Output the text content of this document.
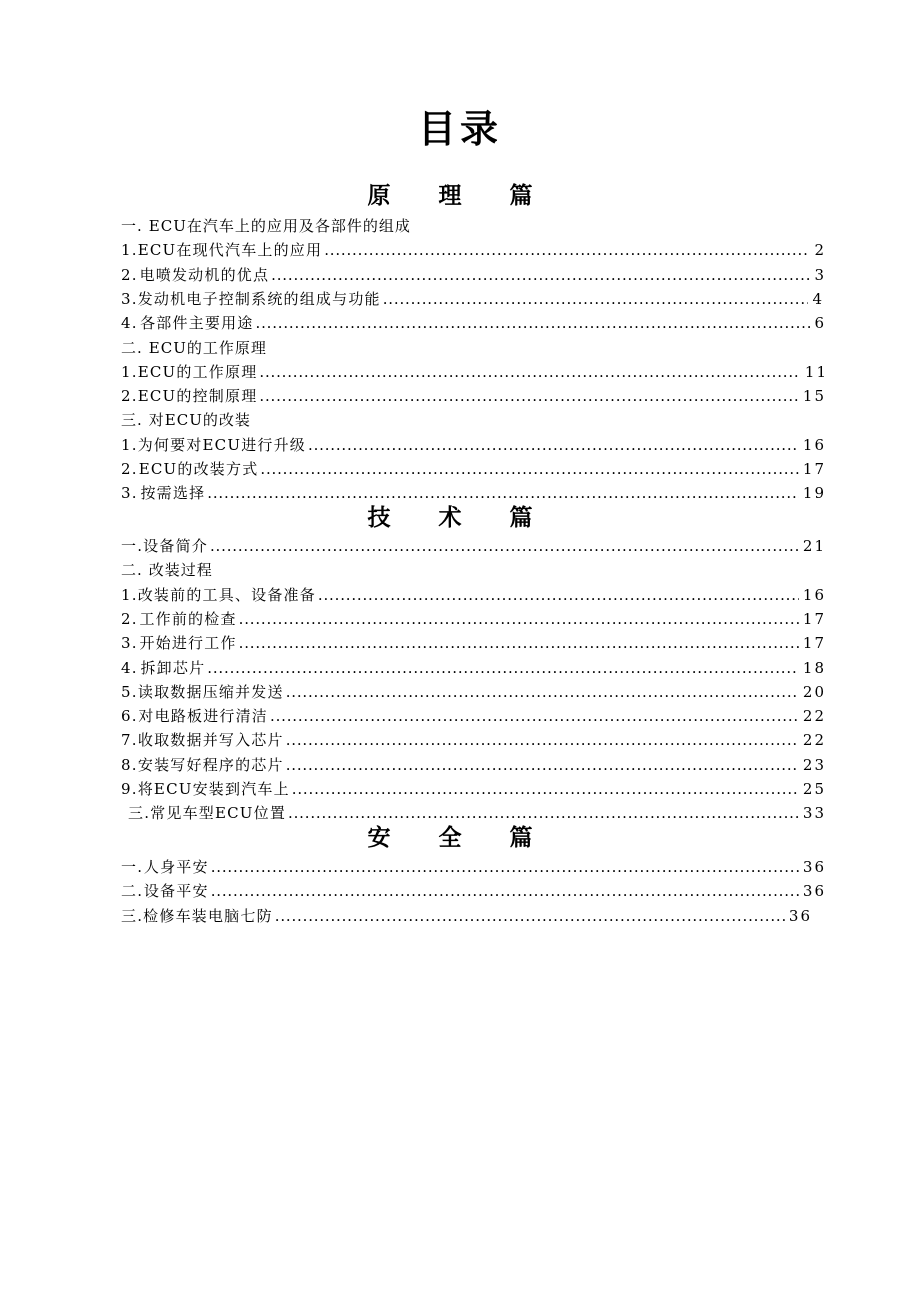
目录
原 理 篇
一. ECU在汽车上的应用及各部件的组成
1. ECU在现代汽车上的应用 .....	2
2. 电喷发动机的优点 .....	3
3. 发动机电子控制系统的组成与功能 .....	4
4. 各部件主要用途 .....	6
二. ECU的工作原理
1. ECU的工作原理 .....	11
2. ECU的控制原理 .....	15
三. 对ECU的改装
1. 为何要对ECU进行升级 .....	16
2. ECU的改装方式 .....	17
3. 按需选择 .....	19
技 术 篇
一. 设备简介 .....	21
二. 改装过程
1. 改装前的工具、设备准备 .....	16
2. 工作前的检查 .....	17
3. 开始进行工作 .....	17
4. 拆卸芯片 .....	18
5. 读取数据压缩并发送 .....	20
6. 对电路板进行清洁 .....	22
7. 收取数据并写入芯片 .....	22
8. 安装写好程序的芯片 .....	23
9. 将ECU安装到汽车上 .....	25
三. 常见车型ECU位置 .....	33
安 全 篇
一. 人身平安 .....	36
二. 设备平安 .....	36
三. 检修车装电脑七防 .....	36
